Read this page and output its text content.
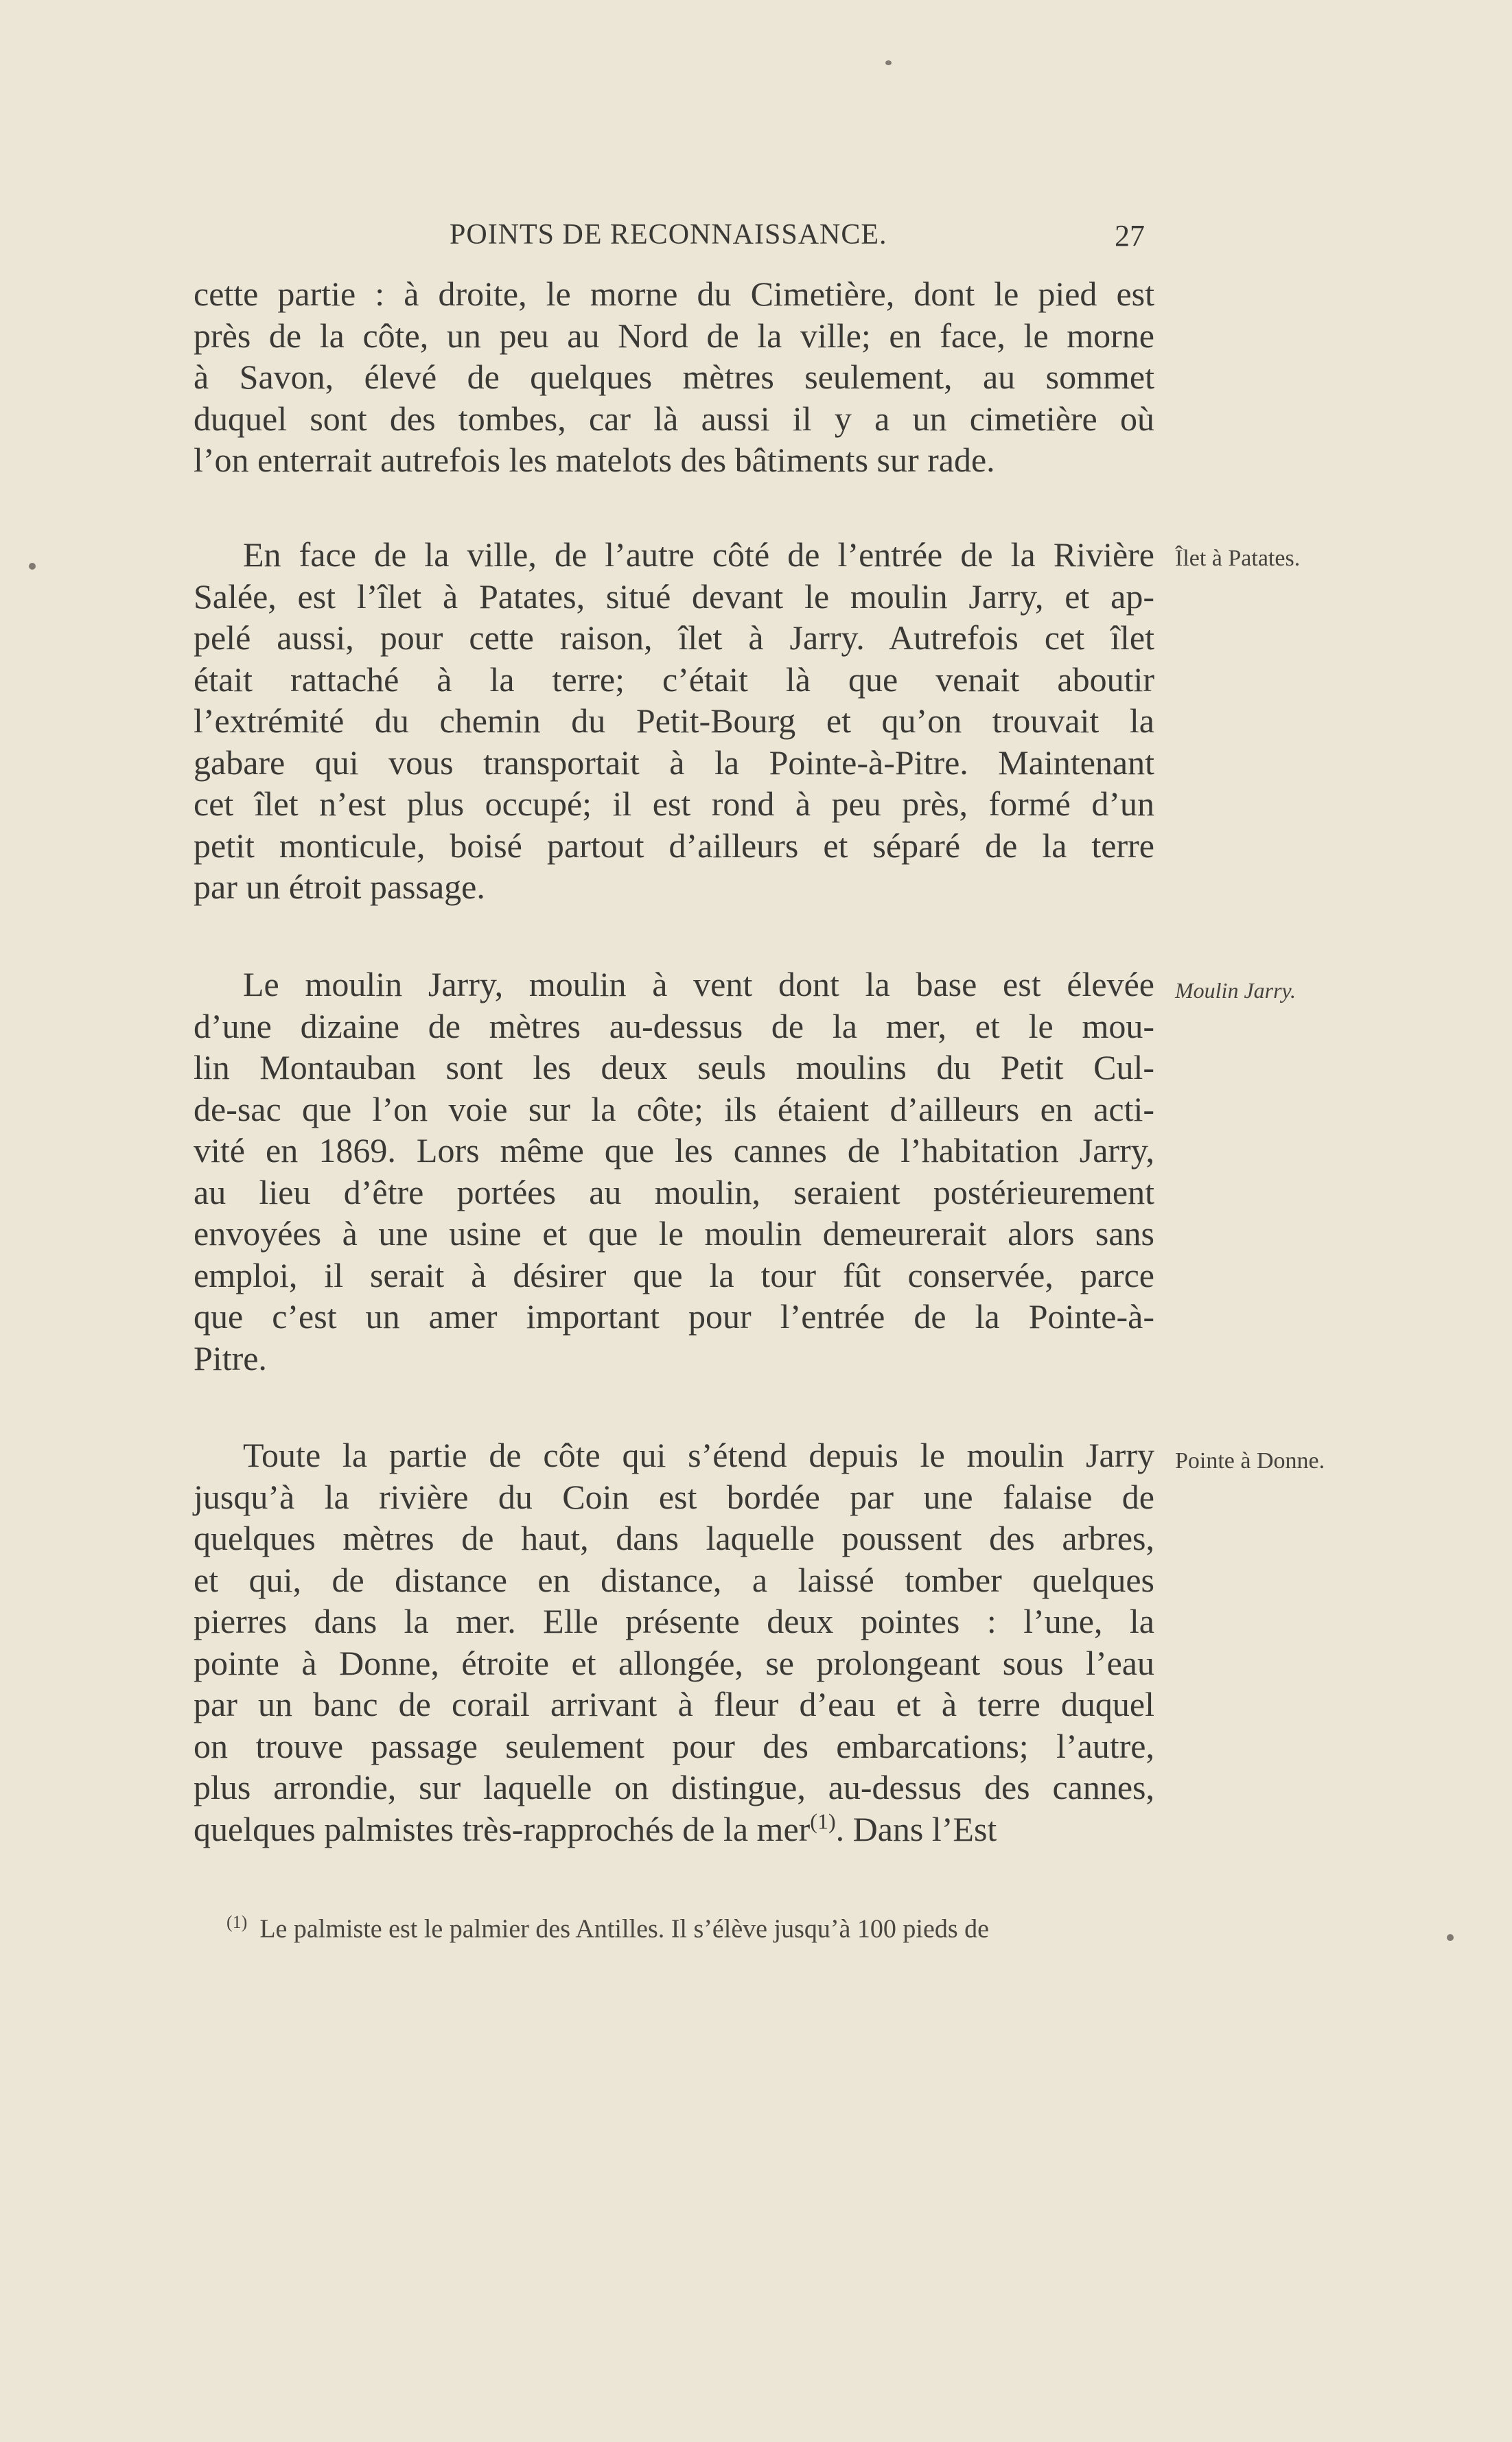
POINTS DE RECONNAISSANCE.	27

cette partie : à droite, le morne du Cimetière, dont le pied est
près de la côte, un peu au Nord de la ville; en face, le morne
à Savon, élevé de quelques mètres seulement, au sommet
duquel sont des tombes, car là aussi il y a un cimetière où
l’on enterrait autrefois les matelots des bâtiments sur rade.

En face de la ville, de l’autre côté de l’entrée de la Rivière
Salée, est l’îlet à Patates, situé devant le moulin Jarry, et ap-
pelé aussi, pour cette raison, îlet à Jarry. Autrefois cet îlet
était rattaché à la terre; c’était là que venait aboutir
l’extrémité du chemin du Petit-Bourg et qu’on trouvait la
gabare qui vous transportait à la Pointe-à-Pitre. Maintenant
cet îlet n’est plus occupé; il est rond à peu près, formé d’un
petit monticule, boisé partout d’ailleurs et séparé de la terre
par un étroit passage.

Îlet à Patates.

Le moulin Jarry, moulin à vent dont la base est élevée
d’une dizaine de mètres au-dessus de la mer, et le mou-
lin Montauban sont les deux seuls moulins du Petit Cul-
de-sac que l’on voie sur la côte; ils étaient d’ailleurs en acti-
vité en 1869. Lors même que les cannes de l’habitation Jarry,
au lieu d’être portées au moulin, seraient postérieurement
envoyées à une usine et que le moulin demeurerait alors sans
emploi, il serait à désirer que la tour fût conservée, parce
que c’est un amer important pour l’entrée de la Pointe-à-
Pitre.

Moulin Jarry.

Toute la partie de côte qui s’étend depuis le moulin Jarry
jusqu’à la rivière du Coin est bordée par une falaise de
quelques mètres de haut, dans laquelle poussent des arbres,
et qui, de distance en distance, a laissé tomber quelques
pierres dans la mer. Elle présente deux pointes : l’une, la
pointe à Donne, étroite et allongée, se prolongeant sous l’eau
par un banc de corail arrivant à fleur d’eau et à terre duquel
on trouve passage seulement pour des embarcations; l’autre,
plus arrondie, sur laquelle on distingue, au-dessus des cannes,
quelques palmistes très-rapprochés de la mer$^{(1)}$. Dans l’Est

Pointe à Donne.
$^{(1)}$ Le palmiste est le palmier des Antilles. Il s’élève jusqu’à 100 pieds de
